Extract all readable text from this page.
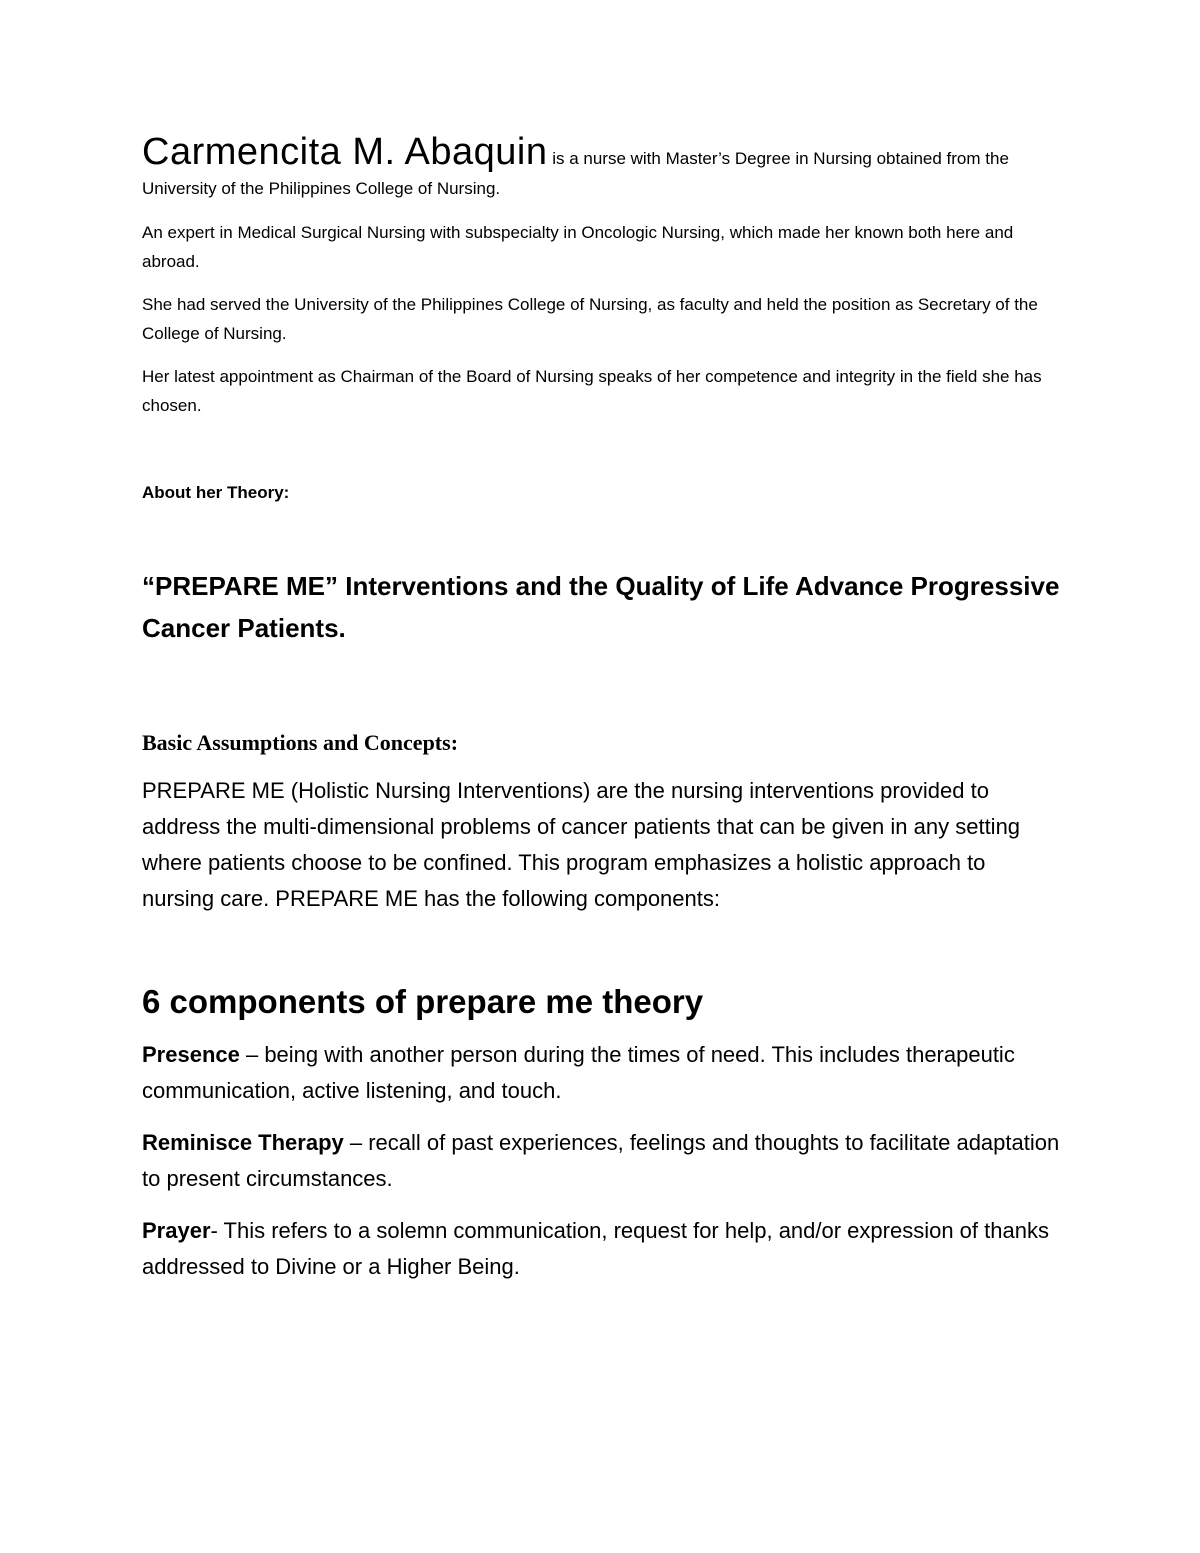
Carmencita M. Abaquin is a nurse with Master’s Degree in Nursing obtained from the University of the Philippines College of Nursing.

An expert in Medical Surgical Nursing with subspecialty in Oncologic Nursing, which made her known both here and abroad.

She had served the University of the Philippines College of Nursing, as faculty and held the position as Secretary of the College of Nursing.

Her latest appointment as Chairman of the Board of Nursing speaks of her competence and integrity in the field she has chosen.

About her Theory:

“PREPARE ME” Interventions and the Quality of Life Advance Progressive Cancer Patients.

Basic Assumptions and Concepts:

PREPARE ME (Holistic Nursing Interventions) are the nursing interventions provided to address the multi-dimensional problems of cancer patients that can be given in any setting where patients choose to be confined. This program emphasizes a holistic approach to nursing care. PREPARE ME has the following components:

6 components of prepare me theory

Presence – being with another person during the times of need. This includes therapeutic communication, active listening, and touch.

Reminisce Therapy – recall of past experiences, feelings and thoughts to facilitate adaptation to present circumstances.

Prayer- This refers to a solemn communication, request for help, and/or expression of thanks addressed to Divine or a Higher Being.
